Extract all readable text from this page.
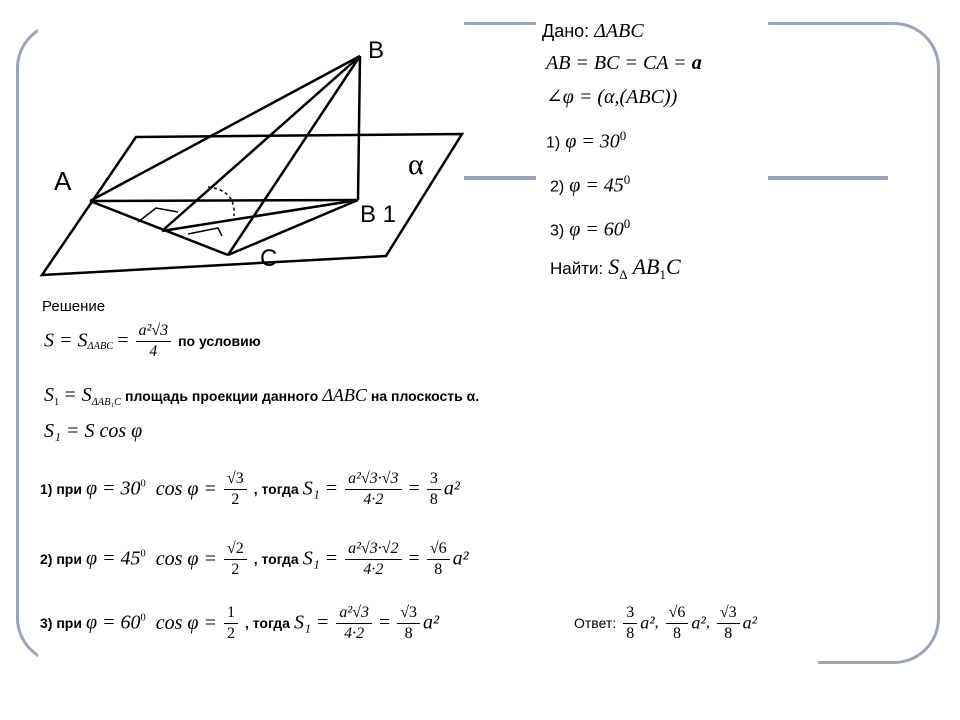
A
B
B 1
C
α
Дано: ΔABC
AB = BC = CA = a
∠φ = (α,(ABC))
1) $\varphi = 30^0$
2) $\varphi = 45^0$
3) $\varphi = 60^0$
Найти: $S_\Delta$ $AB_1C$
Решение
$S = S_{\Delta ABC} = \frac{\text{a²√3}}{4}$ по условию
$S_1 = S_{\Delta AB_1C}$ площадь проекции данного ΔABC на плоскость α.
S₁ = S cos φ
1) при $\varphi = 30^0$ $\cos \varphi = \frac{√3}{2}$ , тогда $S_1 = \frac{\text{a²√3·√3}}{4\cdot 2} = \frac{3}{8} a^2$
2) при $\varphi = 45^0$ $\cos \varphi = \frac{√2}{2}$ , тогда $S_1 = \frac{\text{a²√3·√2}}{4\cdot 2} = \frac{√6}{8} a^2$
3) при $\varphi = 60^0$ $\cos \varphi = \frac{1}{2}$ , тогда $S_1 = \frac{\text{a²√3}}{4\cdot 2} = \frac{√3}{8} a^2$	Ответ: $\frac{3}{8} a^2$, $\frac{√6}{8} a^2$, $\frac{√3}{8} a^2$
